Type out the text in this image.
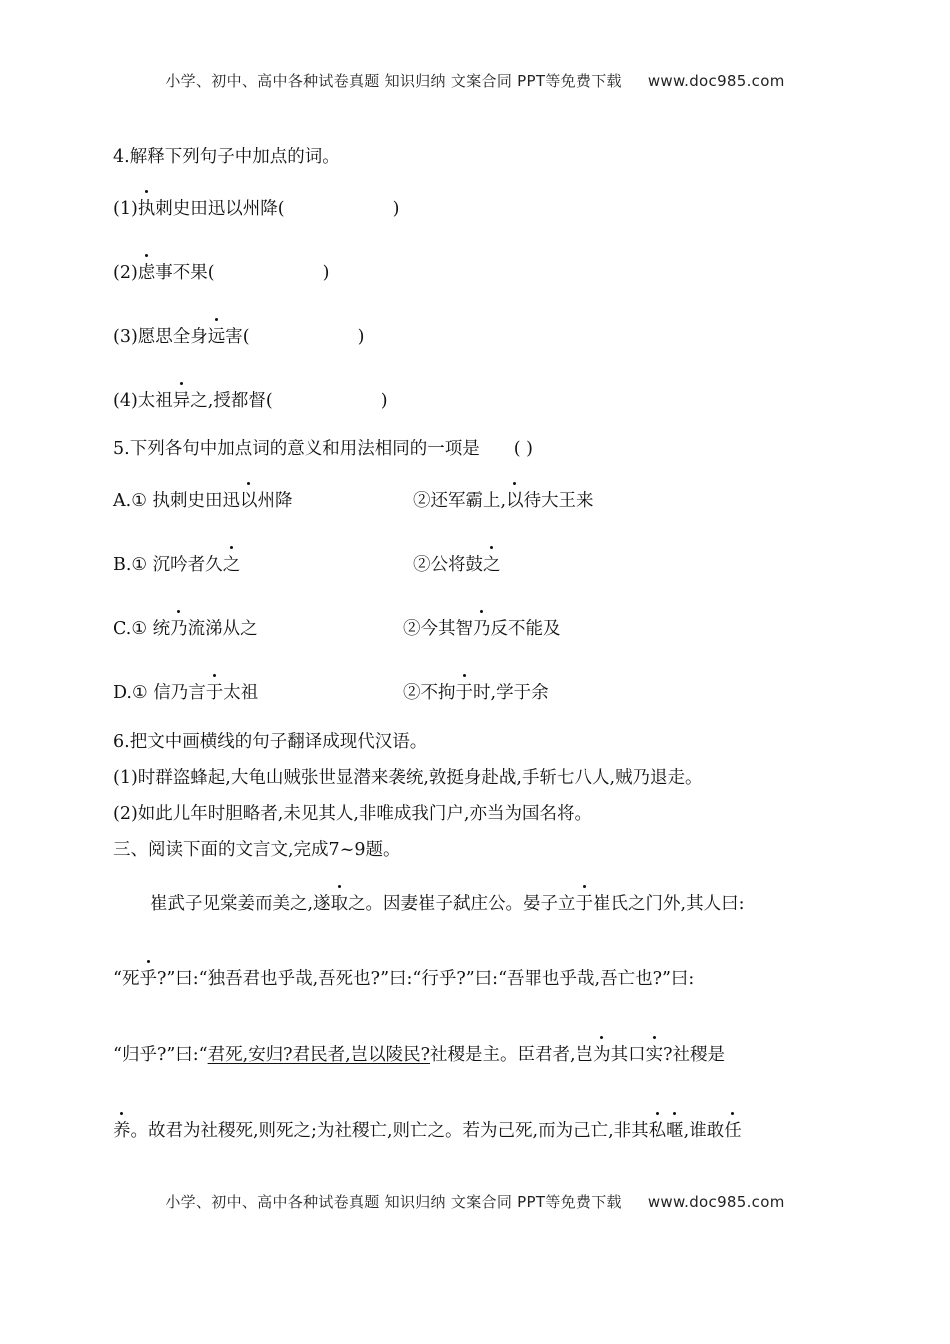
小学、初中、高中各种试卷真题 知识归纳 文案合同 PPT等免费下载 www.doc985.com
4.解释下列句子中加点的词。
(1)执刺史田迅以州降(	)
(2)虑事不果(	)
(3)愿思全身远害(	)
(4)太祖异之,授都督(	)
5.下列各句中加点词的意义和用法相同的一项是 ( )
A.① 执刺史田迅以州降	②还军霸上,以待大王来
B.① 沉吟者久之	②公将鼓之
C.① 统乃流涕从之	②今其智乃反不能及
D.① 信乃言于太祖	②不拘于时,学于余
6.把文中画横线的句子翻译成现代汉语。
(1)时群盗蜂起,大龟山贼张世显潜来袭统,敦挺身赴战,手斩七八人,贼乃退走。
(2)如此儿年时胆略者,未见其人,非唯成我门户,亦当为国名将。
三、阅读下面的文言文,完成7~9题。
崔武子见棠姜而美之,遂取之。因妻崔子弑庄公。晏子立于崔氏之门外,其人曰:
“死乎?”曰:“独吾君也乎哉,吾死也?”曰:“行乎?”曰:“吾罪也乎哉,吾亡也?”曰:
“归乎?”曰:“君死,安归?君民者,岂以陵民?社稷是主。臣君者,岂为其口实?社稷是
养。故君为社稷死,则死之;为社稷亡,则亡之。若为己死,而为己亡,非其私暱,谁敢任
小学、初中、高中各种试卷真题 知识归纳 文案合同 PPT等免费下载 www.doc985.com
